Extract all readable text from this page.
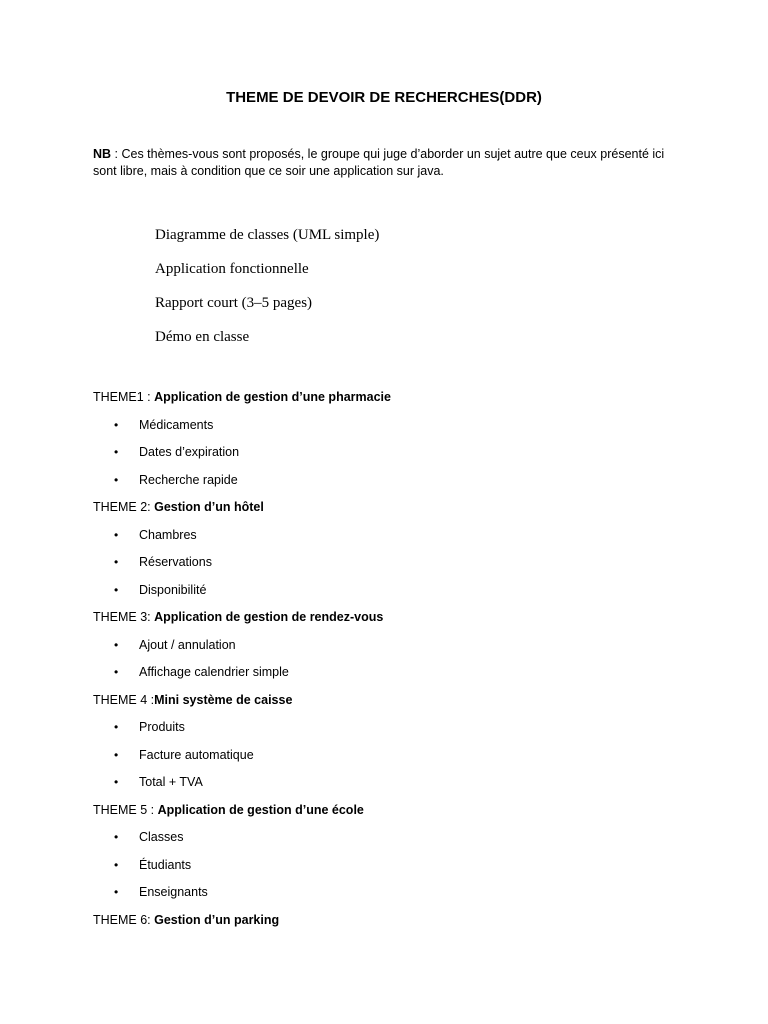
THEME DE DEVOIR DE RECHERCHES(DDR)
NB : Ces thèmes-vous sont proposés, le groupe qui juge d’aborder un sujet autre que ceux présenté ici sont libre, mais à condition que ce soir une application sur java.
Diagramme de classes (UML simple)
Application fonctionnelle
Rapport court (3–5 pages)
Démo en classe
THEME1 : Application de gestion d’une pharmacie
•	Médicaments
•	Dates d’expiration
•	Recherche rapide
THEME 2: Gestion d’un hôtel
•	Chambres
•	Réservations
•	Disponibilité
THEME 3: Application de gestion de rendez-vous
•	Ajout / annulation
•	Affichage calendrier simple
THEME 4 :Mini système de caisse
•	Produits
•	Facture automatique
•	Total + TVA
THEME 5 : Application de gestion d’une école
•	Classes
•	Étudiants
•	Enseignants
THEME 6: Gestion d’un parking
